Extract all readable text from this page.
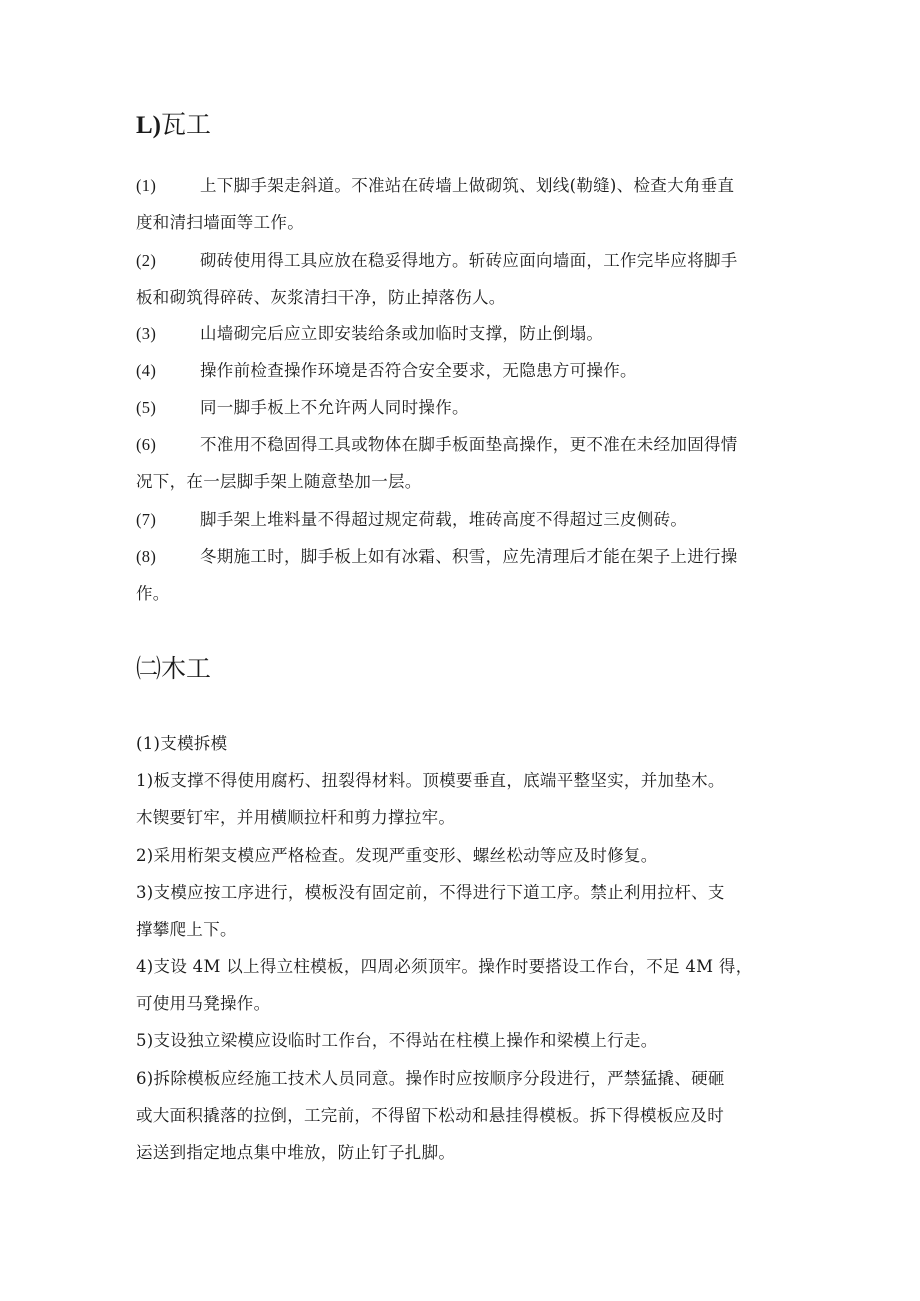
L)瓦工
(1)	上下脚手架走斜道。不准站在砖墙上做砌筑、划线(勒缝)、检查大角垂直
度和清扫墙面等工作。
(2)	砌砖使用得工具应放在稳妥得地方。斩砖应面向墙面，工作完毕应将脚手
板和砌筑得碎砖、灰浆清扫干净，防止掉落伤人。
(3)	山墙砌完后应立即安装给条或加临时支撑，防止倒塌。
(4)	操作前检查操作环境是否符合安全要求，无隐患方可操作。
(5)	同一脚手板上不允许两人同时操作。
(6)	不准用不稳固得工具或物体在脚手板面垫高操作，更不准在未经加固得情
况下，在一层脚手架上随意垫加一层。
(7)	脚手架上堆料量不得超过规定荷载，堆砖高度不得超过三皮侧砖。
(8)	冬期施工时，脚手板上如有冰霜、积雪，应先清理后才能在架子上进行操
作。
㈡木工
(1)支模拆模
1)板支撑不得使用腐朽、扭裂得材料。顶模要垂直，底端平整坚实，并加垫木。
木锲要钉牢，并用横顺拉杆和剪力撑拉牢。
2)采用桁架支模应严格检查。发现严重变形、螺丝松动等应及时修复。
3)支模应按工序进行，模板没有固定前，不得进行下道工序。禁止利用拉杆、支
撑攀爬上下。
4)支设 4M 以上得立柱模板，四周必须顶牢。操作时要搭设工作台，不足 4M 得，
可使用马凳操作。
5)支设独立梁模应设临时工作台，不得站在柱模上操作和梁模上行走。
6)拆除模板应经施工技术人员同意。操作时应按顺序分段进行，严禁猛撬、硬砸
或大面积撬落的拉倒，工完前，不得留下松动和悬挂得模板。拆下得模板应及时
运送到指定地点集中堆放，防止钉子扎脚。
